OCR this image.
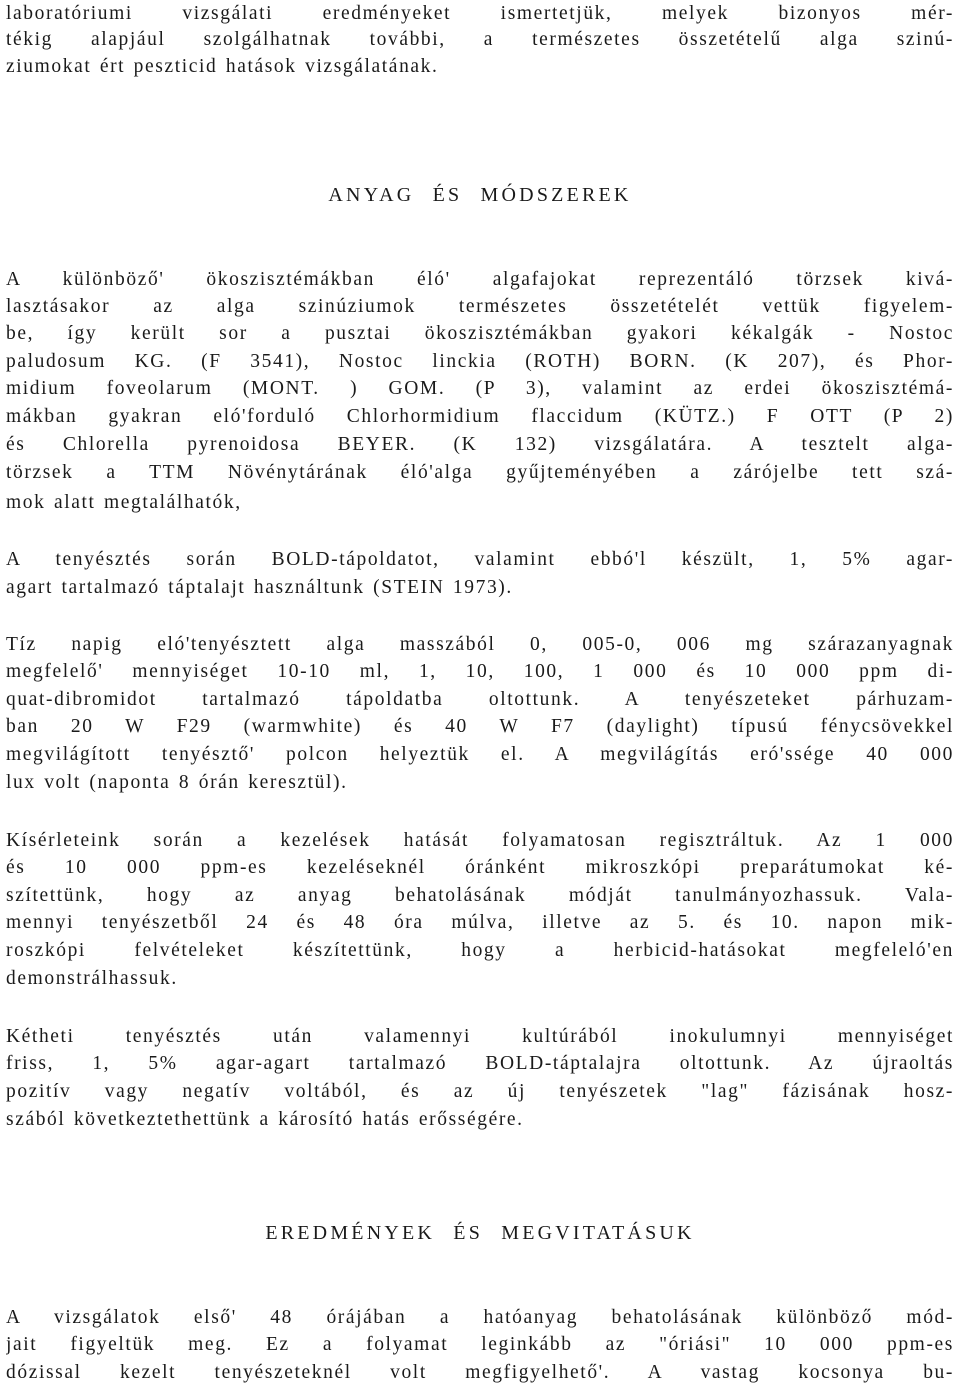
laboratóriumi vizsgálati eredményeket ismertetjük, melyek bizonyos mér-
tékig alapjául szolgálhatnak további, a természetes összetételű alga szinú-
ziumokat ért peszticid hatások vizsgálatának.
ANYAG ÉS MÓDSZEREK
A különböző' ökoszisztémákban éló' algafajokat reprezentáló törzsek kivá-
lasztásakor az alga szinúziumok természetes összetételét vettük figyelem-
be, így került sor a pusztai ökoszisztémákban gyakori kékalgák - Nostoc
paludosum KG. (F 3541), Nostoc linckia (ROTH) BORN. (K 207), és Phor-
midium foveolarum (MONT. ) GOM. (P 3), valamint az erdei ökoszisztémá-
mákban gyakran eló'forduló Chlorhormidium flaccidum (KÜTZ.) F OTT (P 2)
és Chlorella pyrenoidosa BEYER. (K 132) vizsgálatára. A tesztelt alga-
törzsek a TTM Növénytárának éló'alga gyűjteményében a zárójelbe tett szá-
mok alatt megtalálhatók,
A tenyésztés során BOLD-tápoldatot, valamint ebbó'l készült, 1, 5% agar-
agart tartalmazó táptalajt használtunk (STEIN 1973).
Tíz napig eló'tenyésztett alga masszából 0, 005-0, 006 mg szárazanyagnak
megfelelő' mennyiséget 10-10 ml, 1, 10, 100, 1 000 és 10 000 ppm di-
quat-dibromidot tartalmazó tápoldatba oltottunk. A tenyészeteket párhuzam-
ban 20 W F29 (warmwhite) és 40 W F7 (daylight) típusú fénycsövekkel
megvilágított tenyésztő' polcon helyeztük el. A megvilágítás eró'ssége 40 000
lux volt (naponta 8 órán keresztül).
Kísérleteink során a kezelések hatását folyamatosan regisztráltuk. Az 1 000
és 10 000 ppm-es kezeléseknél óránként mikroszkópi preparátumokat ké-
szítettünk, hogy az anyag behatolásának módját tanulmányozhassuk. Vala-
mennyi tenyészetből 24 és 48 óra múlva, illetve az 5. és 10. napon mik-
roszkópi felvételeket készítettünk, hogy a herbicid-hatásokat megfeleló'en
demonstrálhassuk.
Kétheti tenyésztés után valamennyi kultúrából inokulumnyi mennyiséget
friss, 1, 5% agar-agart tartalmazó BOLD-táptalajra oltottunk. Az újraoltás
pozitív vagy negatív voltából, és az új tenyészetek "lag" fázisának hosz-
szából következtethettünk a károsító hatás erősségére.
EREDMÉNYEK ÉS MEGVITATÁSUK
A vizsgálatok első' 48 órájában a hatóanyag behatolásának különböző mód-
jait figyeltük meg. Ez a folyamat leginkább az "óriási" 10 000 ppm-es
dózissal kezelt tenyészeteknél volt megfigyelhető'. A vastag kocsonya bu-
